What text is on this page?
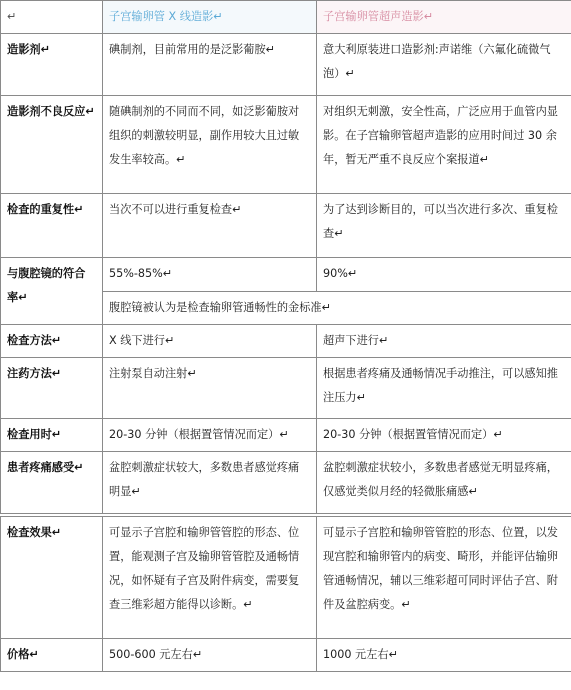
↵	子宫输卵管 X 线造影↵	子宫输卵管超声造影↵
造影剂↵	碘制剂，目前常用的是泛影葡胺↵	意大利原装进口造影剂:声诺维（六氟化硫微气泡）↵
造影剂不良反应↵	随碘制剂的不同而不同，如泛影葡胺对组织的刺激较明显，副作用较大且过敏发生率较高。↵	对组织无刺激，安全性高，广泛应用于血管内显影。在子宫输卵管超声造影的应用时间过 30 余年，暂无严重不良反应个案报道↵
检查的重复性↵	当次不可以进行重复检查↵	为了达到诊断目的，可以当次进行多次、重复检查↵
与腹腔镜的符合率↵	55%-85%↵	90%↵
	腹腔镜被认为是检查输卵管通畅性的金标准↵	
检查方法↵	X 线下进行↵	超声下进行↵
注药方法↵	注射泵自动注射↵	根据患者疼痛及通畅情况手动推注，可以感知推注压力↵
检查用时↵	20-30 分钟（根据置管情况而定）↵	20-30 分钟（根据置管情况而定）↵
患者疼痛感受↵	盆腔刺激症状较大，多数患者感觉疼痛明显↵	盆腔刺激症状较小，多数患者感觉无明显疼痛，仅感觉类似月经的轻微胀痛感↵

检查效果↵	可显示子宫腔和输卵管管腔的形态、位置，能观测子宫及输卵管管腔及通畅情况，如怀疑有子宫及附件病变，需要复查三维彩超方能得以诊断。↵	可显示子宫腔和输卵管管腔的形态、位置，以发现宫腔和输卵管内的病变、畸形，并能评估输卵管通畅情况，辅以三维彩超可同时评估子宫、附件及盆腔病变。↵
价格↵	500-600 元左右↵	1000 元左右↵
